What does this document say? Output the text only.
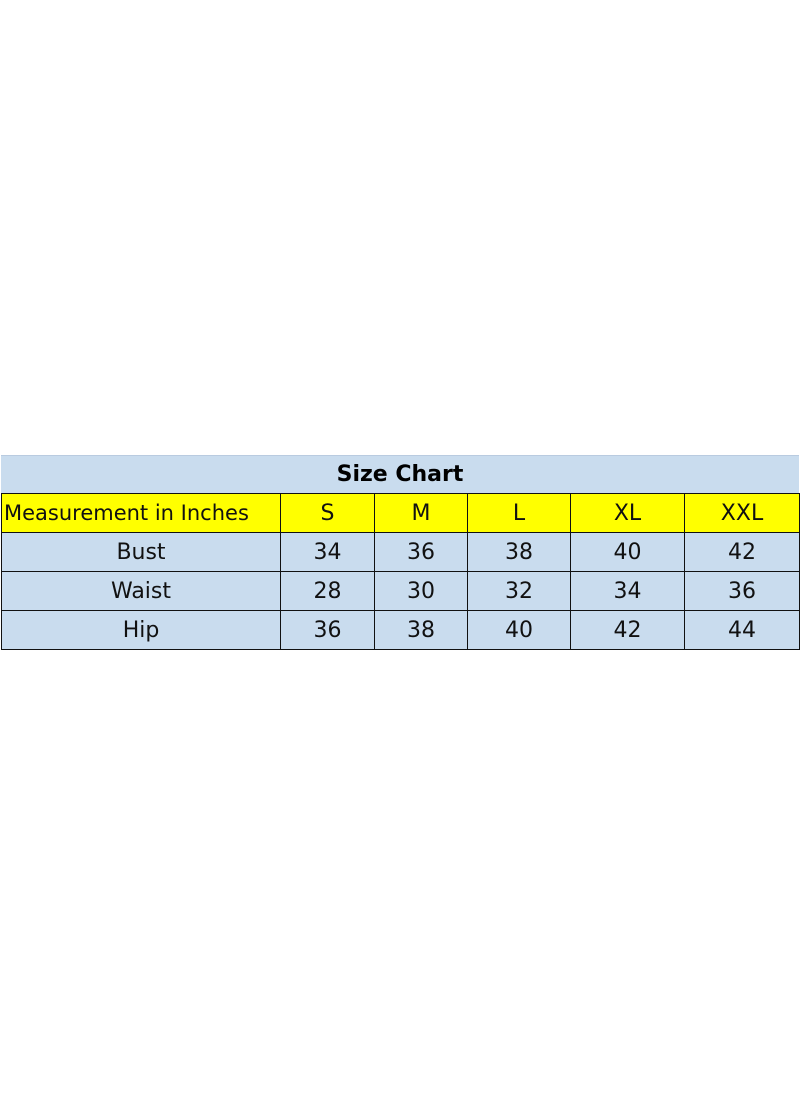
Size Chart
Measurement in Inches	S	M	L	XL	XXL
Bust	34	36	38	40	42
Waist	28	30	32	34	36
Hip	36	38	40	42	44
